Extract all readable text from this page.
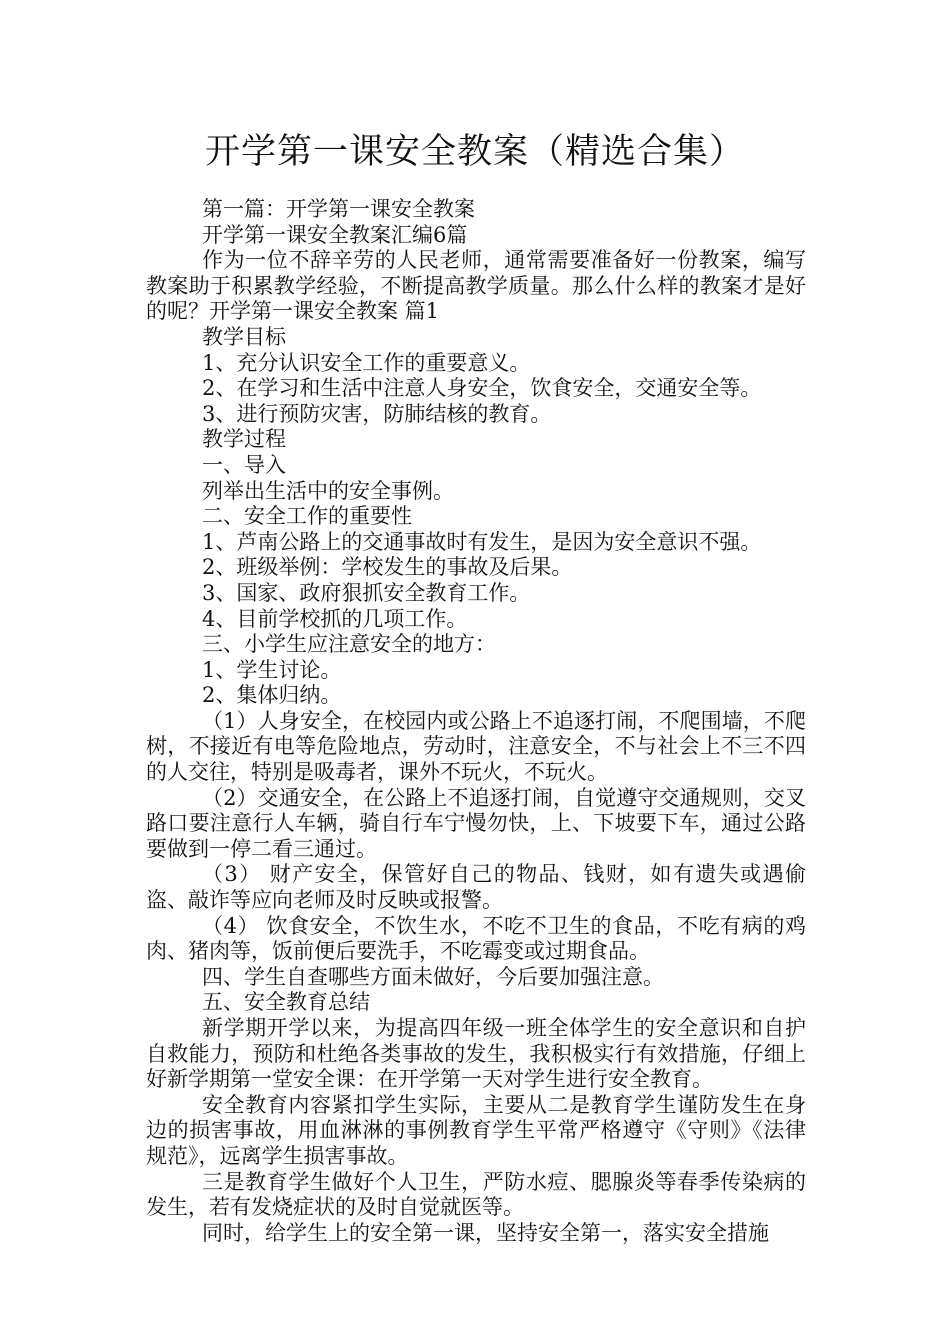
开学第一课安全教案（精选合集）

第一篇：开学第一课安全教案

开学第一课安全教案汇编6篇

作为一位不辞辛劳的人民老师，通常需要准备好一份教案，编写教案助于积累教学经验，不断提高教学质量。那么什么样的教案才是好的呢？开学第一课安全教案 篇1

教学目标

1、充分认识安全工作的重要意义。

2、在学习和生活中注意人身安全，饮食安全，交通安全等。

3、进行预防灾害，防肺结核的教育。

教学过程

一、导入

列举出生活中的安全事例。

二、安全工作的重要性

1、芦南公路上的交通事故时有发生，是因为安全意识不强。

2、班级举例：学校发生的事故及后果。

3、国家、政府狠抓安全教育工作。

4、目前学校抓的几项工作。

三、小学生应注意安全的地方：

1、学生讨论。

2、集体归纳。

（1）人身安全，在校园内或公路上不追逐打闹，不爬围墙，不爬树，不接近有电等危险地点，劳动时，注意安全，不与社会上不三不四的人交往，特别是吸毒者，课外不玩火，不玩火。

（2）交通安全，在公路上不追逐打闹，自觉遵守交通规则，交叉路口要注意行人车辆，骑自行车宁慢勿快，上、下坡要下车，通过公路要做到一停二看三通过。

（3） 财产安全，保管好自己的物品、钱财，如有遗失或遇偷盗、敲诈等应向老师及时反映或报警。

（4） 饮食安全，不饮生水，不吃不卫生的食品，不吃有病的鸡肉、猪肉等，饭前便后要洗手，不吃霉变或过期食品。

四、学生自查哪些方面未做好，今后要加强注意。

五、安全教育总结

新学期开学以来，为提高四年级一班全体学生的安全意识和自护自救能力，预防和杜绝各类事故的发生，我积极实行有效措施，仔细上好新学期第一堂安全课：在开学第一天对学生进行安全教育。

安全教育内容紧扣学生实际，主要从二是教育学生谨防发生在身边的损害事故，用血淋淋的事例教育学生平常严格遵守《守则》《法律规范》，远离学生损害事故。

三是教育学生做好个人卫生，严防水痘、腮腺炎等春季传染病的发生，若有发烧症状的及时自觉就医等。

同时，给学生上的安全第一课，坚持安全第一，落实安全措施
